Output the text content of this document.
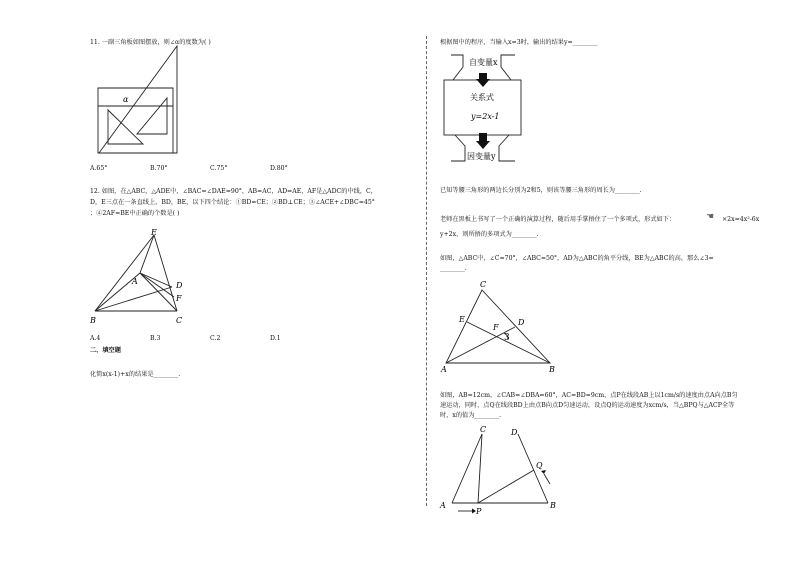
11. 一副三角板如图摆放，则∠α的度数为( )
α
A.65°	B.70°	C.75°	D.80°
12. 如图，在△ABC，△ADE中，∠BAC=∠DAE=90°，AB=AC，AD=AE，AF是△ADC的中线，C，
D，E三点在一条直线上，BD，BE，以下四个结论：①BD=CE；②BD⊥CE；③∠ACE+∠DBC=45°
；④2AF=BE中正确的个数是( )
E
A	D
F
B	C
A.4	B.3	C.2	D.1
二、填空题
化简x(x-1)+x的结果是________.
根据图中的程序，当输入x=3时，输出的结果y=________
自变量x
关系式
y=2x-1
因变量y
已知等腰三角形的两边长分别为2和5，则该等腰三角形的周长为________.
老师在黑板上书写了一个正确的演算过程，随后用手掌捂住了一个多项式，形式如下：	☚ ×2x=4x²-6x
y+2x，则所捂的多项式为________.
如图，△ABC中，∠C=70°，∠ABC=50°，AD为△ABC的角平分线，BE为△ABC的高，那么∠3=
________.
C
E	D
F
3
A	B
如图，AB=12cm，∠CAB=∠DBA=60°，AC=BD=9cm，点P在线段AB上以1cm/s的速度由点A向点B匀
速运动，同时，点Q在线段BD上由点B向点D匀速运动，设点Q的运动速度为xcm/s，当△BPQ与△ACP全等
时，x的值为________.
C	D
Q
A
P
B
